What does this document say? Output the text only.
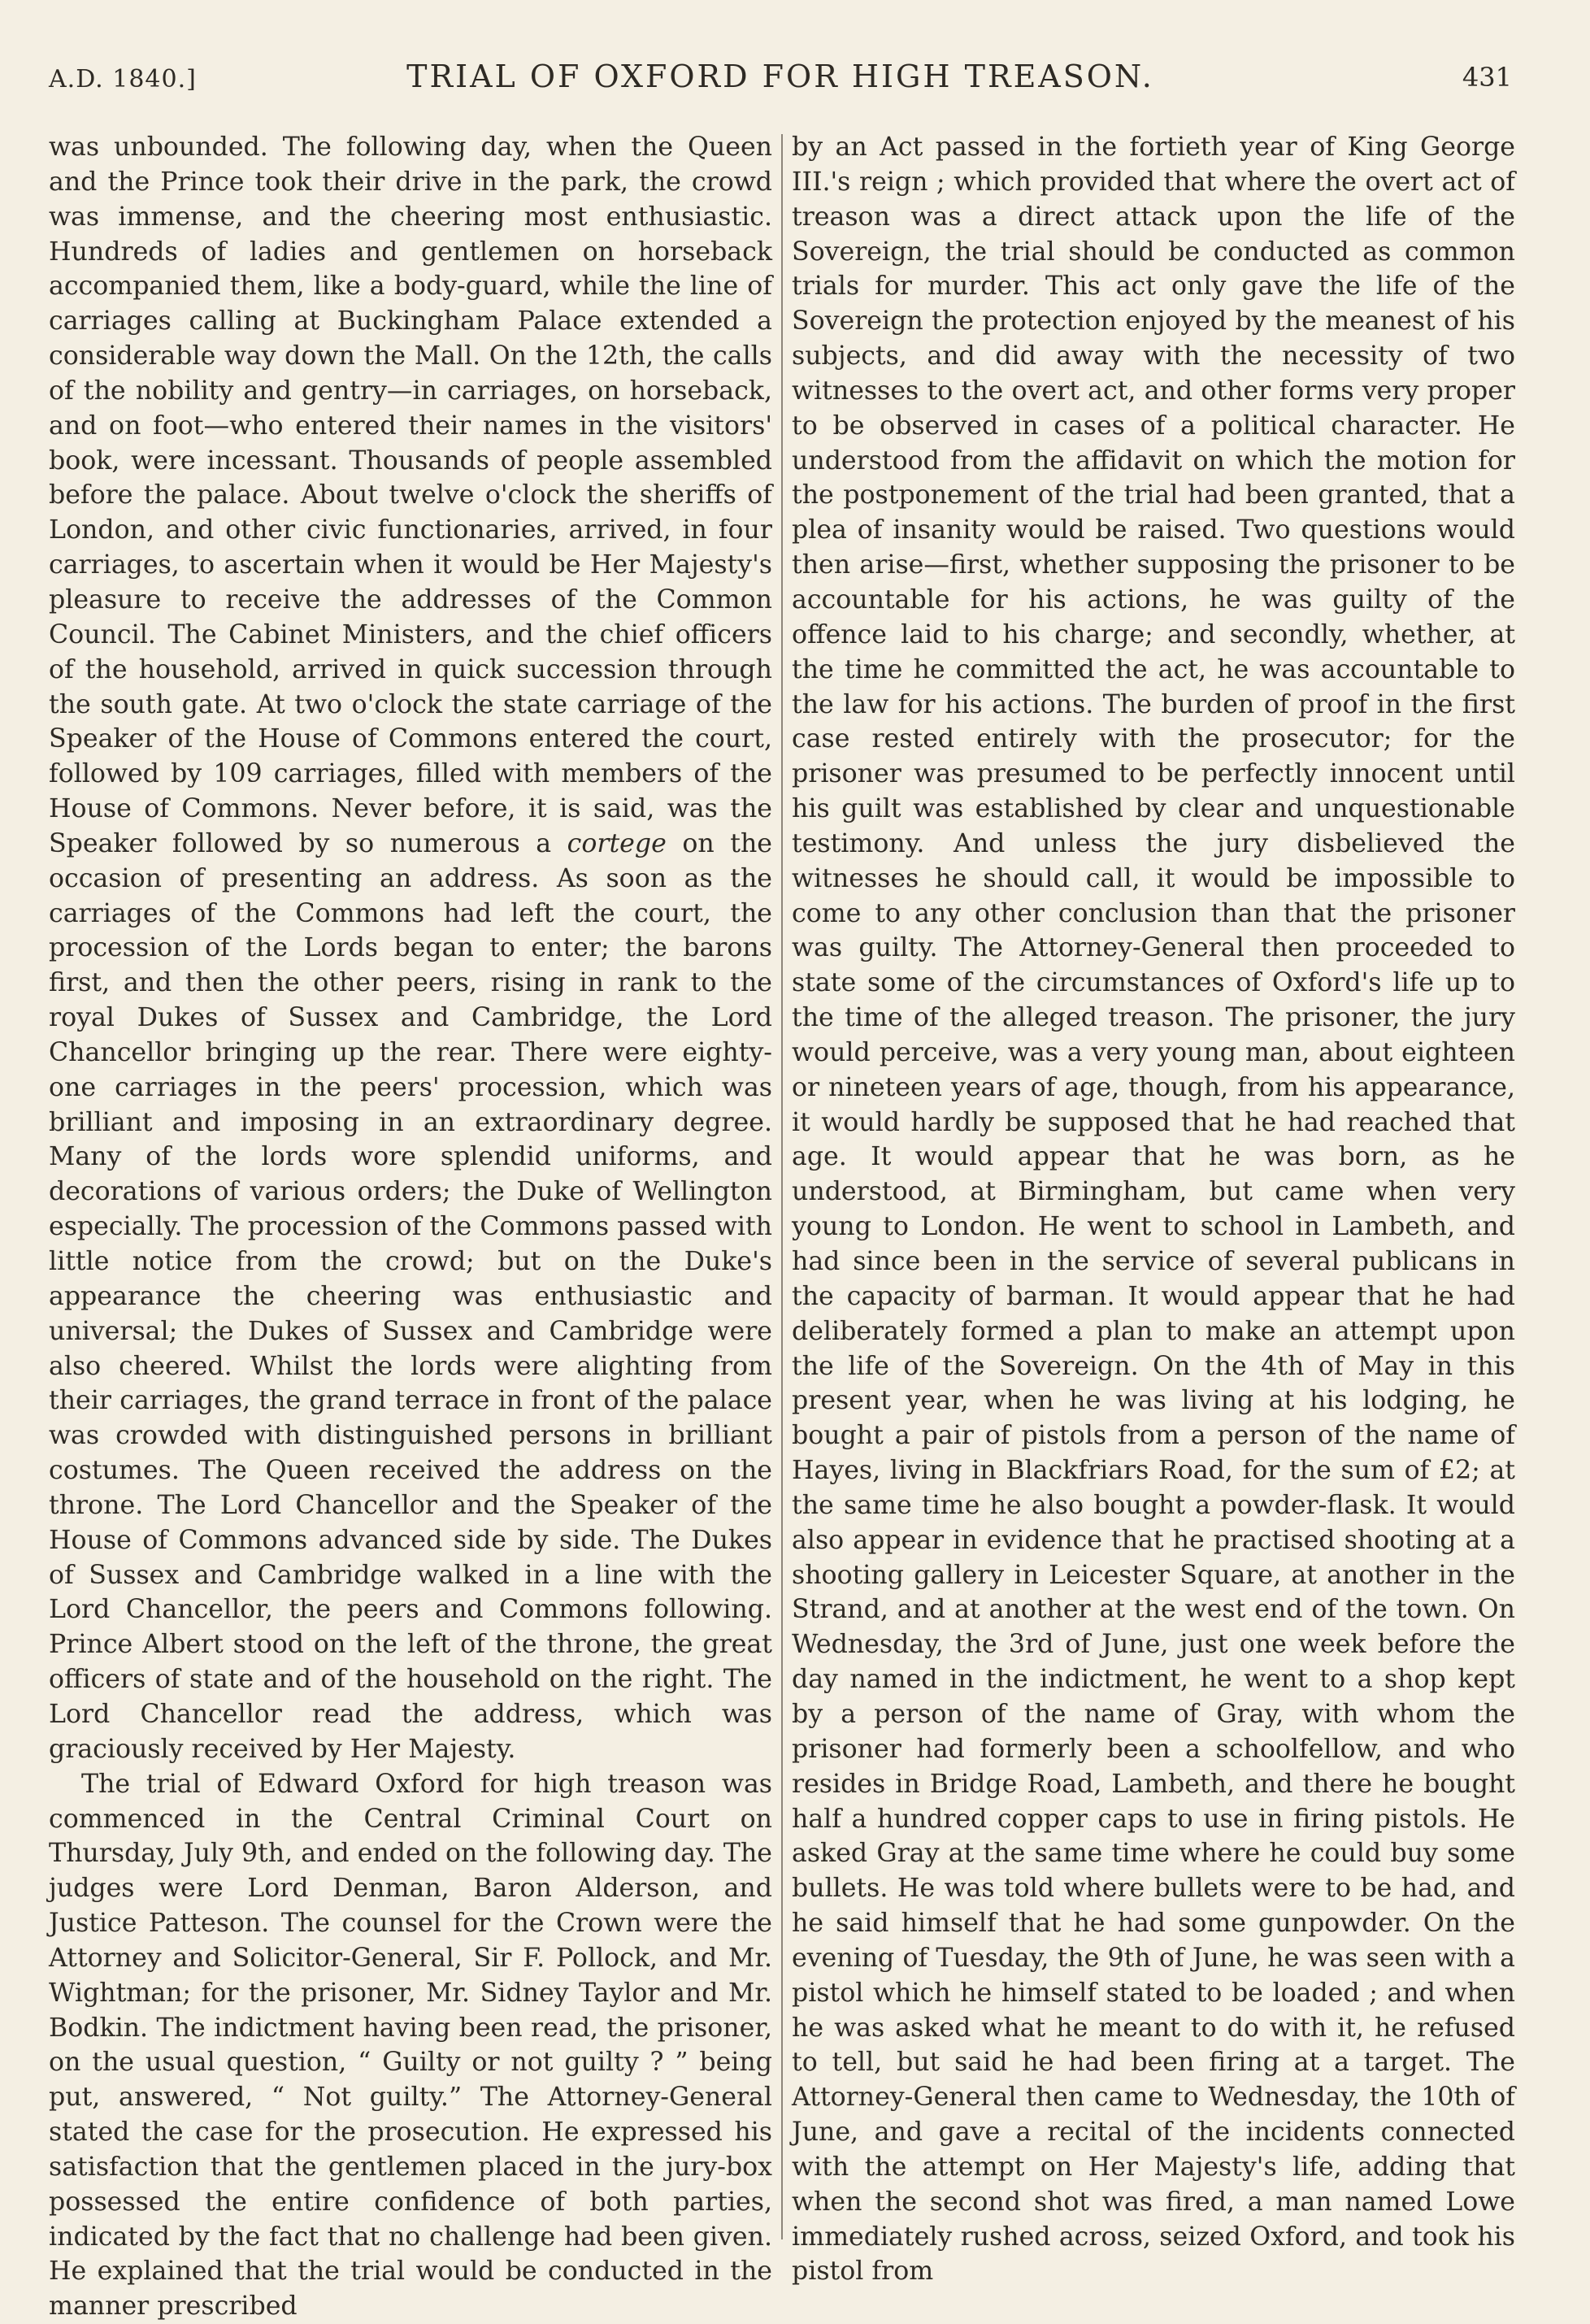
A.D. 1840.]	TRIAL OF OXFORD FOR HIGH TREASON.	431

was unbounded. The following day, when the Queen and the Prince took their drive in the park, the crowd was immense, and the cheering most enthusiastic. Hundreds of ladies and gentlemen on horseback accompanied them, like a body-guard, while the line of carriages calling at Buckingham Palace extended a considerable way down the Mall. On the 12th, the calls of the nobility and gentry—in carriages, on horseback, and on foot—who entered their names in the visitors' book, were incessant. Thousands of people assembled before the palace. About twelve o'clock the sheriffs of London, and other civic functionaries, arrived, in four carriages, to ascertain when it would be Her Majesty's pleasure to receive the addresses of the Common Council. The Cabinet Ministers, and the chief officers of the household, arrived in quick succession through the south gate. At two o'clock the state carriage of the Speaker of the House of Commons entered the court, followed by 109 carriages, filled with members of the House of Commons. Never before, it is said, was the Speaker followed by so numerous a cortege on the occasion of presenting an address. As soon as the carriages of the Commons had left the court, the procession of the Lords began to enter; the barons first, and then the other peers, rising in rank to the royal Dukes of Sussex and Cambridge, the Lord Chancellor bringing up the rear. There were eighty-one carriages in the peers' procession, which was brilliant and imposing in an extraordinary degree. Many of the lords wore splendid uniforms, and decorations of various orders; the Duke of Wellington especially. The procession of the Commons passed with little notice from the crowd; but on the Duke's appearance the cheering was enthusiastic and universal; the Dukes of Sussex and Cambridge were also cheered. Whilst the lords were alighting from their carriages, the grand terrace in front of the palace was crowded with distinguished persons in brilliant costumes. The Queen received the address on the throne. The Lord Chancellor and the Speaker of the House of Commons advanced side by side. The Dukes of Sussex and Cambridge walked in a line with the Lord Chancellor, the peers and Commons following. Prince Albert stood on the left of the throne, the great officers of state and of the household on the right. The Lord Chancellor read the address, which was graciously received by Her Majesty.

The trial of Edward Oxford for high treason was commenced in the Central Criminal Court on Thursday, July 9th, and ended on the following day. The judges were Lord Denman, Baron Alderson, and Justice Patteson. The counsel for the Crown were the Attorney and Solicitor-General, Sir F. Pollock, and Mr. Wightman; for the prisoner, Mr. Sidney Taylor and Mr. Bodkin. The indictment having been read, the prisoner, on the usual question, “ Guilty or not guilty ? ” being put, answered, “ Not guilty.” The Attorney-General stated the case for the prosecution. He expressed his satisfaction that the gentlemen placed in the jury-box possessed the entire confidence of both parties, indicated by the fact that no challenge had been given. He explained that the trial would be conducted in the manner prescribed

by an Act passed in the fortieth year of King George III.'s reign ; which provided that where the overt act of treason was a direct attack upon the life of the Sovereign, the trial should be conducted as common trials for murder. This act only gave the life of the Sovereign the protection enjoyed by the meanest of his subjects, and did away with the necessity of two witnesses to the overt act, and other forms very proper to be observed in cases of a political character. He understood from the affidavit on which the motion for the postponement of the trial had been granted, that a plea of insanity would be raised. Two questions would then arise—first, whether supposing the prisoner to be accountable for his actions, he was guilty of the offence laid to his charge; and secondly, whether, at the time he committed the act, he was accountable to the law for his actions. The burden of proof in the first case rested entirely with the prosecutor; for the prisoner was presumed to be perfectly innocent until his guilt was established by clear and unquestionable testimony. And unless the jury disbelieved the witnesses he should call, it would be impossible to come to any other conclusion than that the prisoner was guilty. The Attorney-General then proceeded to state some of the circumstances of Oxford's life up to the time of the alleged treason. The prisoner, the jury would perceive, was a very young man, about eighteen or nineteen years of age, though, from his appearance, it would hardly be supposed that he had reached that age. It would appear that he was born, as he understood, at Birmingham, but came when very young to London. He went to school in Lambeth, and had since been in the service of several publicans in the capacity of barman. It would appear that he had deliberately formed a plan to make an attempt upon the life of the Sovereign. On the 4th of May in this present year, when he was living at his lodging, he bought a pair of pistols from a person of the name of Hayes, living in Blackfriars Road, for the sum of £2; at the same time he also bought a powder-flask. It would also appear in evidence that he practised shooting at a shooting gallery in Leicester Square, at another in the Strand, and at another at the west end of the town. On Wednesday, the 3rd of June, just one week before the day named in the indictment, he went to a shop kept by a person of the name of Gray, with whom the prisoner had formerly been a schoolfellow, and who resides in Bridge Road, Lambeth, and there he bought half a hundred copper caps to use in firing pistols. He asked Gray at the same time where he could buy some bullets. He was told where bullets were to be had, and he said himself that he had some gunpowder. On the evening of Tuesday, the 9th of June, he was seen with a pistol which he himself stated to be loaded ; and when he was asked what he meant to do with it, he refused to tell, but said he had been firing at a target. The Attorney-General then came to Wednesday, the 10th of June, and gave a recital of the incidents connected with the attempt on Her Majesty's life, adding that when the second shot was fired, a man named Lowe immediately rushed across, seized Oxford, and took his pistol from
